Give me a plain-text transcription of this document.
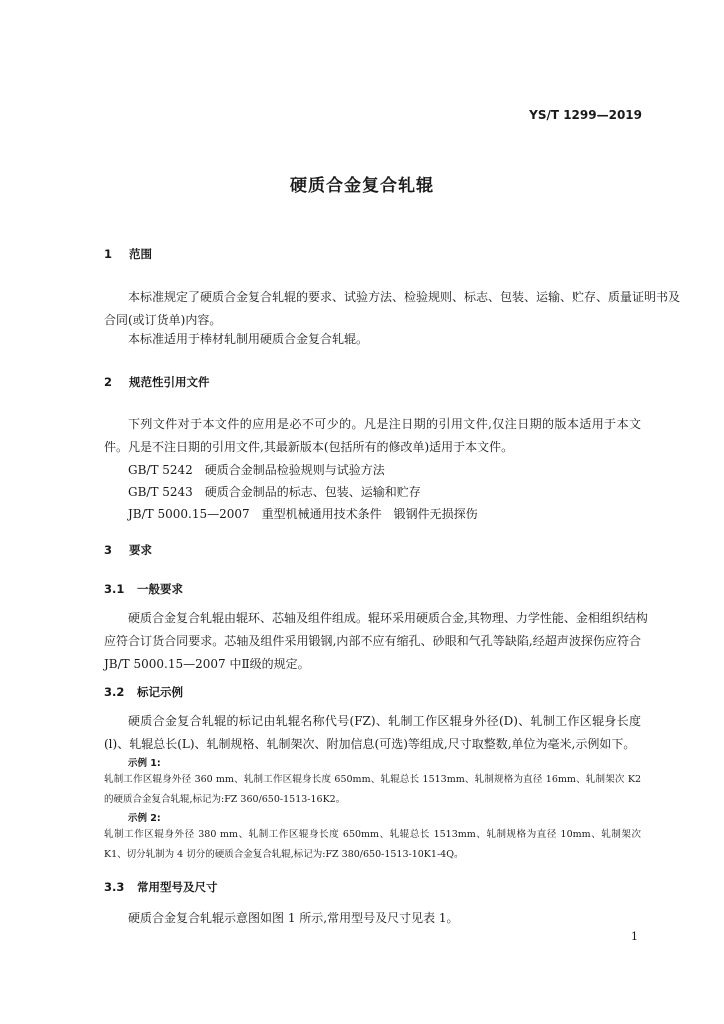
YS/T 1299—2019
硬质合金复合轧辊
1 范围
本标准规定了硬质合金复合轧辊的要求、试验方法、检验规则、标志、包装、运输、贮存、质量证明书及
合同(或订货单)内容。
本标准适用于棒材轧制用硬质合金复合轧辊。
2 规范性引用文件
下列文件对于本文件的应用是必不可少的。凡是注日期的引用文件,仅注日期的版本适用于本文
件。凡是不注日期的引用文件,其最新版本(包括所有的修改单)适用于本文件。
GB/T 5242　硬质合金制品检验规则与试验方法
GB/T 5243　硬质合金制品的标志、包装、运输和贮存
JB/T 5000.15—2007　重型机械通用技术条件　锻钢件无损探伤
3 要求
3.1 一般要求
硬质合金复合轧辊由辊环、芯轴及组件组成。辊环采用硬质合金,其物理、力学性能、金相组织结构
应符合订货合同要求。芯轴及组件采用锻钢,内部不应有缩孔、砂眼和气孔等缺陷,经超声波探伤应符合
JB/T 5000.15—2007 中Ⅱ级的规定。
3.2 标记示例
硬质合金复合轧辊的标记由轧辊名称代号(FZ)、轧制工作区辊身外径(D)、轧制工作区辊身长度
(l)、轧辊总长(L)、轧制规格、轧制架次、附加信息(可选)等组成,尺寸取整数,单位为毫米,示例如下。
示例 1:
轧制工作区辊身外径 360 mm、轧制工作区辊身长度 650mm、轧辊总长 1513mm、轧制规格为直径 16mm、轧制架次 K2
的硬质合金复合轧辊,标记为:FZ 360/650-1513-16K2。
示例 2:
轧制工作区辊身外径 380 mm、轧制工作区辊身长度 650mm、轧辊总长 1513mm、轧制规格为直径 10mm、轧制架次
K1、切分轧制为 4 切分的硬质合金复合轧辊,标记为:FZ 380/650-1513-10K1-4Q。
3.3 常用型号及尺寸
硬质合金复合轧辊示意图如图 1 所示,常用型号及尺寸见表 1。
1
